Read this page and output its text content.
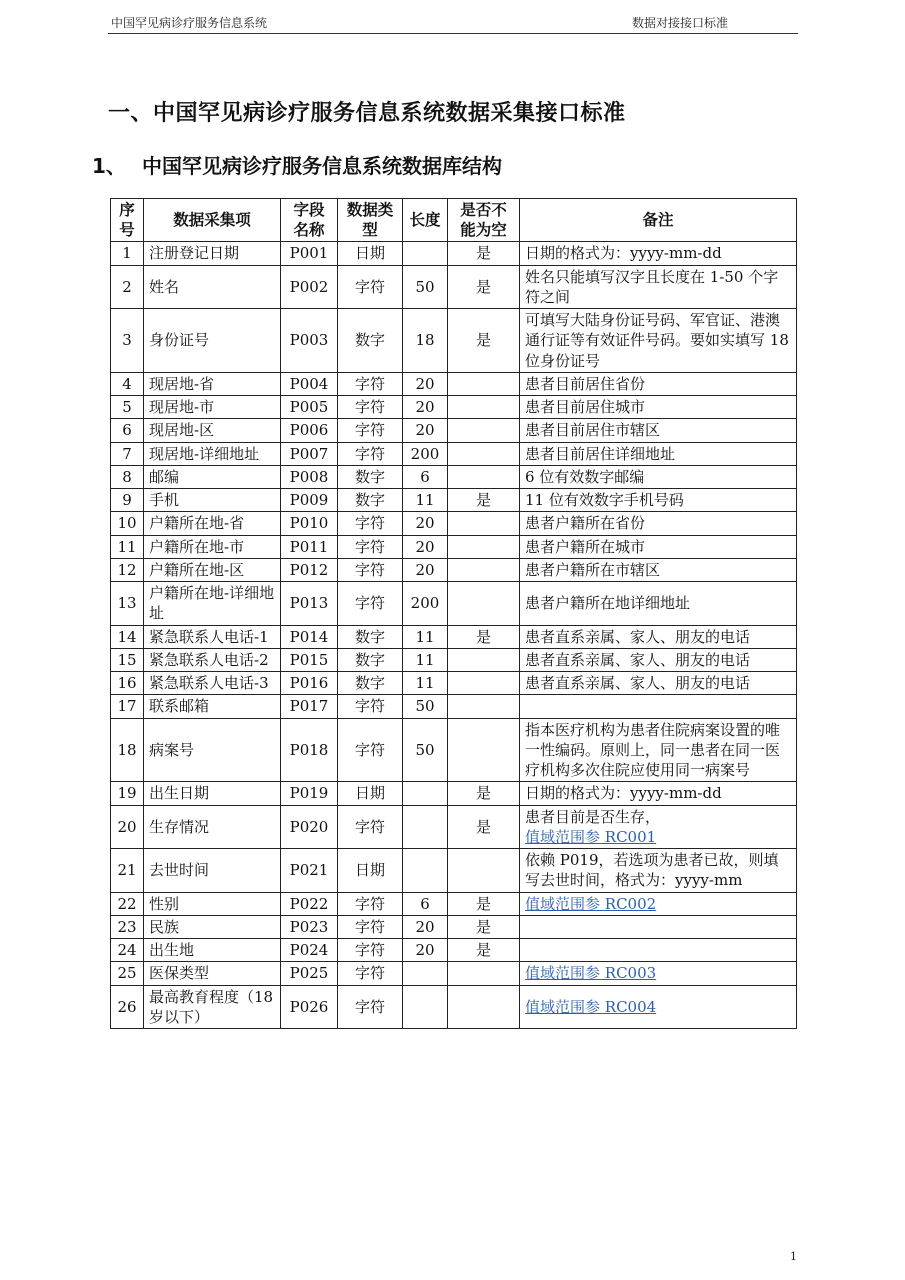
中国罕见病诊疗服务信息系统	数据对接接口标准
一、中国罕见病诊疗服务信息系统数据采集接口标准
1、 中国罕见病诊疗服务信息系统数据库结构
序号	数据采集项	字段名称	数据类型	长度	是否不能为空	备注
1	注册登记日期	P001	日期		是	日期的格式为：yyyy-mm-dd
2	姓名	P002	字符	50	是	姓名只能填写汉字且长度在 1-50 个字符之间
3	身份证号	P003	数字	18	是	可填写大陆身份证号码、军官证、港澳通行证等有效证件号码。要如实填写 18 位身份证号
4	现居地-省	P004	字符	20		患者目前居住省份
5	现居地-市	P005	字符	20		患者目前居住城市
6	现居地-区	P006	字符	20		患者目前居住市辖区
7	现居地-详细地址	P007	字符	200		患者目前居住详细地址
8	邮编	P008	数字	6		6 位有效数字邮编
9	手机	P009	数字	11	是	11 位有效数字手机号码
10	户籍所在地-省	P010	字符	20		患者户籍所在省份
11	户籍所在地-市	P011	字符	20		患者户籍所在城市
12	户籍所在地-区	P012	字符	20		患者户籍所在市辖区
13	户籍所在地-详细地址	P013	字符	200		患者户籍所在地详细地址
14	紧急联系人电话-1	P014	数字	11	是	患者直系亲属、家人、朋友的电话
15	紧急联系人电话-2	P015	数字	11		患者直系亲属、家人、朋友的电话
16	紧急联系人电话-3	P016	数字	11		患者直系亲属、家人、朋友的电话
17	联系邮箱	P017	字符	50		
18	病案号	P018	字符	50		指本医疗机构为患者住院病案设置的唯一性编码。原则上，同一患者在同一医疗机构多次住院应使用同一病案号
19	出生日期	P019	日期		是	日期的格式为：yyyy-mm-dd
20	生存情况	P020	字符		是	患者目前是否生存，
值域范围参 RC001
21	去世时间	P021	日期			依赖 P019，若选项为患者已故，则填写去世时间，格式为：yyyy-mm
22	性别	P022	字符	6	是	值域范围参 RC002
23	民族	P023	字符	20	是	
24	出生地	P024	字符	20	是	
25	医保类型	P025	字符			值域范围参 RC003
26	最高教育程度（18 岁以下）	P026	字符			值域范围参 RC004
1
